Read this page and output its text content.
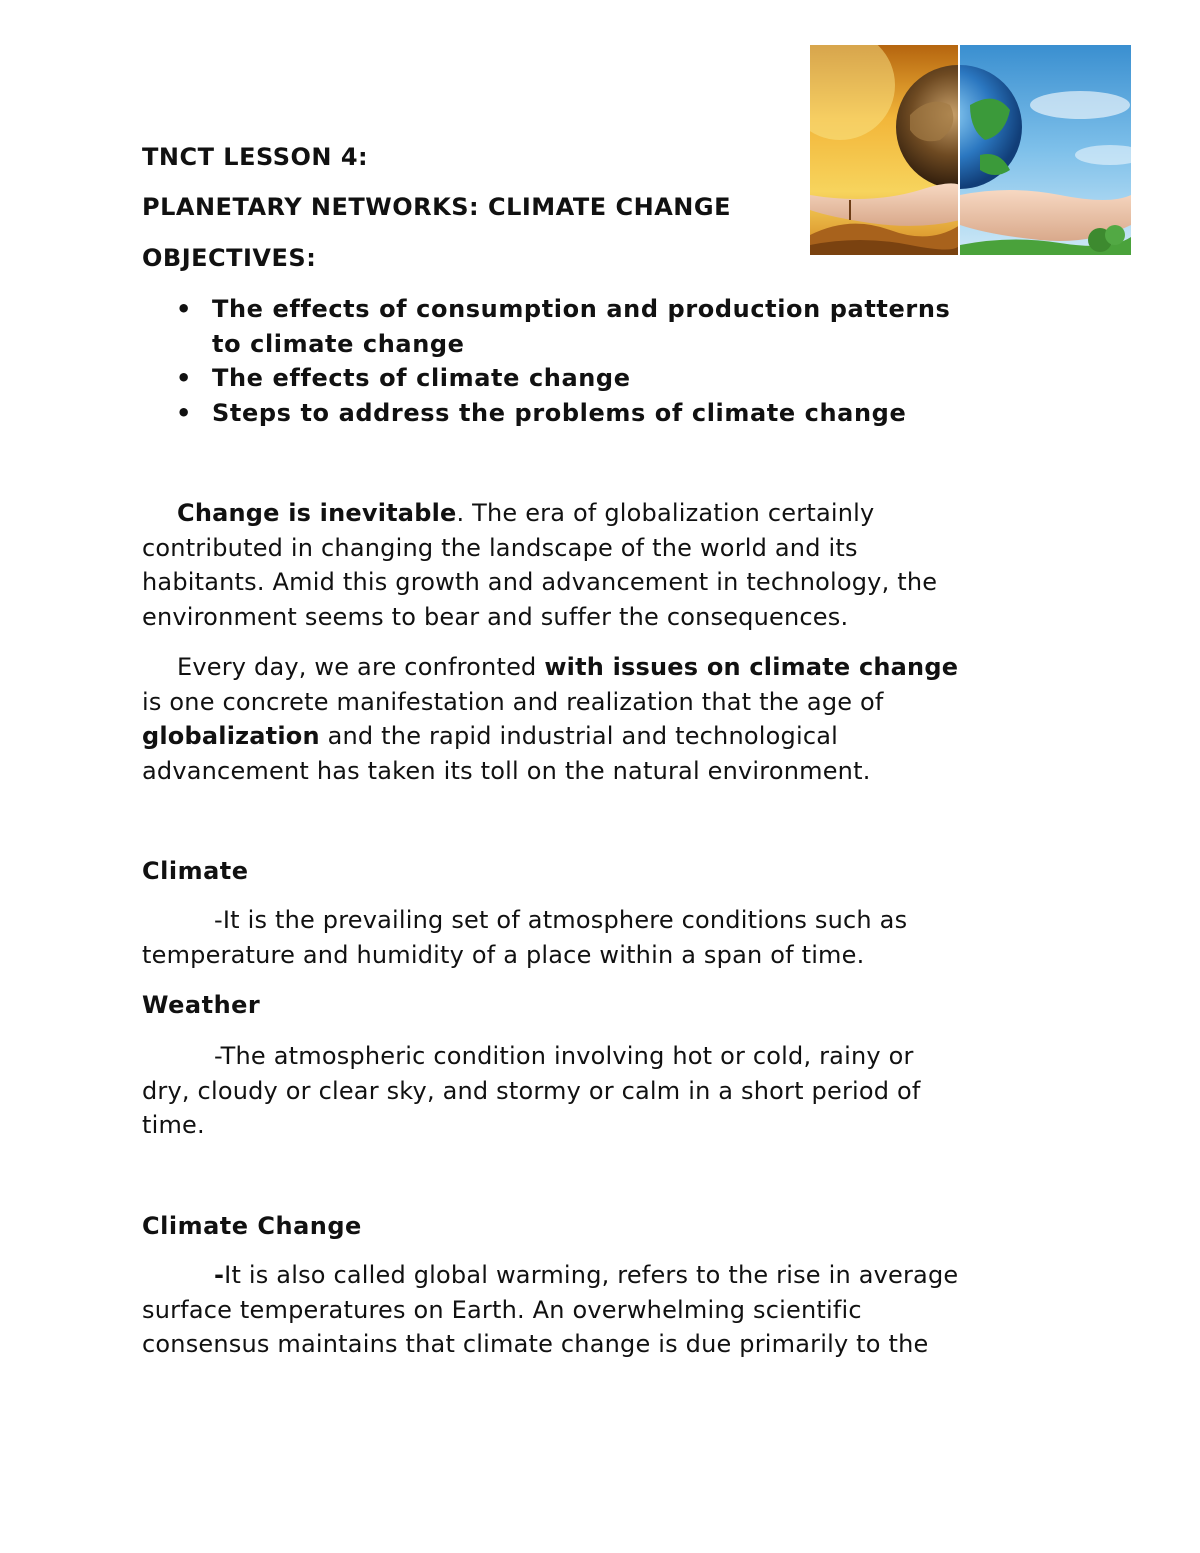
TNCT LESSON 4:

PLANETARY NETWORKS: CLIMATE CHANGE

OBJECTIVES:

• The effects of consumption and production patterns
to climate change
• The effects of climate change
• Steps to address the problems of climate change
Change is inevitable. The era of globalization certainly
contributed in changing the landscape of the world and its
habitants. Amid this growth and advancement in technology, the
environment seems to bear and suffer the consequences.
Every day, we are confronted with issues on climate change
is one concrete manifestation and realization that the age of
globalization and the rapid industrial and technological
advancement has taken its toll on the natural environment.

Climate

-It is the prevailing set of atmosphere conditions such as
temperature and humidity of a place within a span of time.

Weather

-The atmospheric condition involving hot or cold, rainy or
dry, cloudy or clear sky, and stormy or calm in a short period of
time.

Climate Change

-It is also called global warming, refers to the rise in average
surface temperatures on Earth. An overwhelming scientific
consensus maintains that climate change is due primarily to the
